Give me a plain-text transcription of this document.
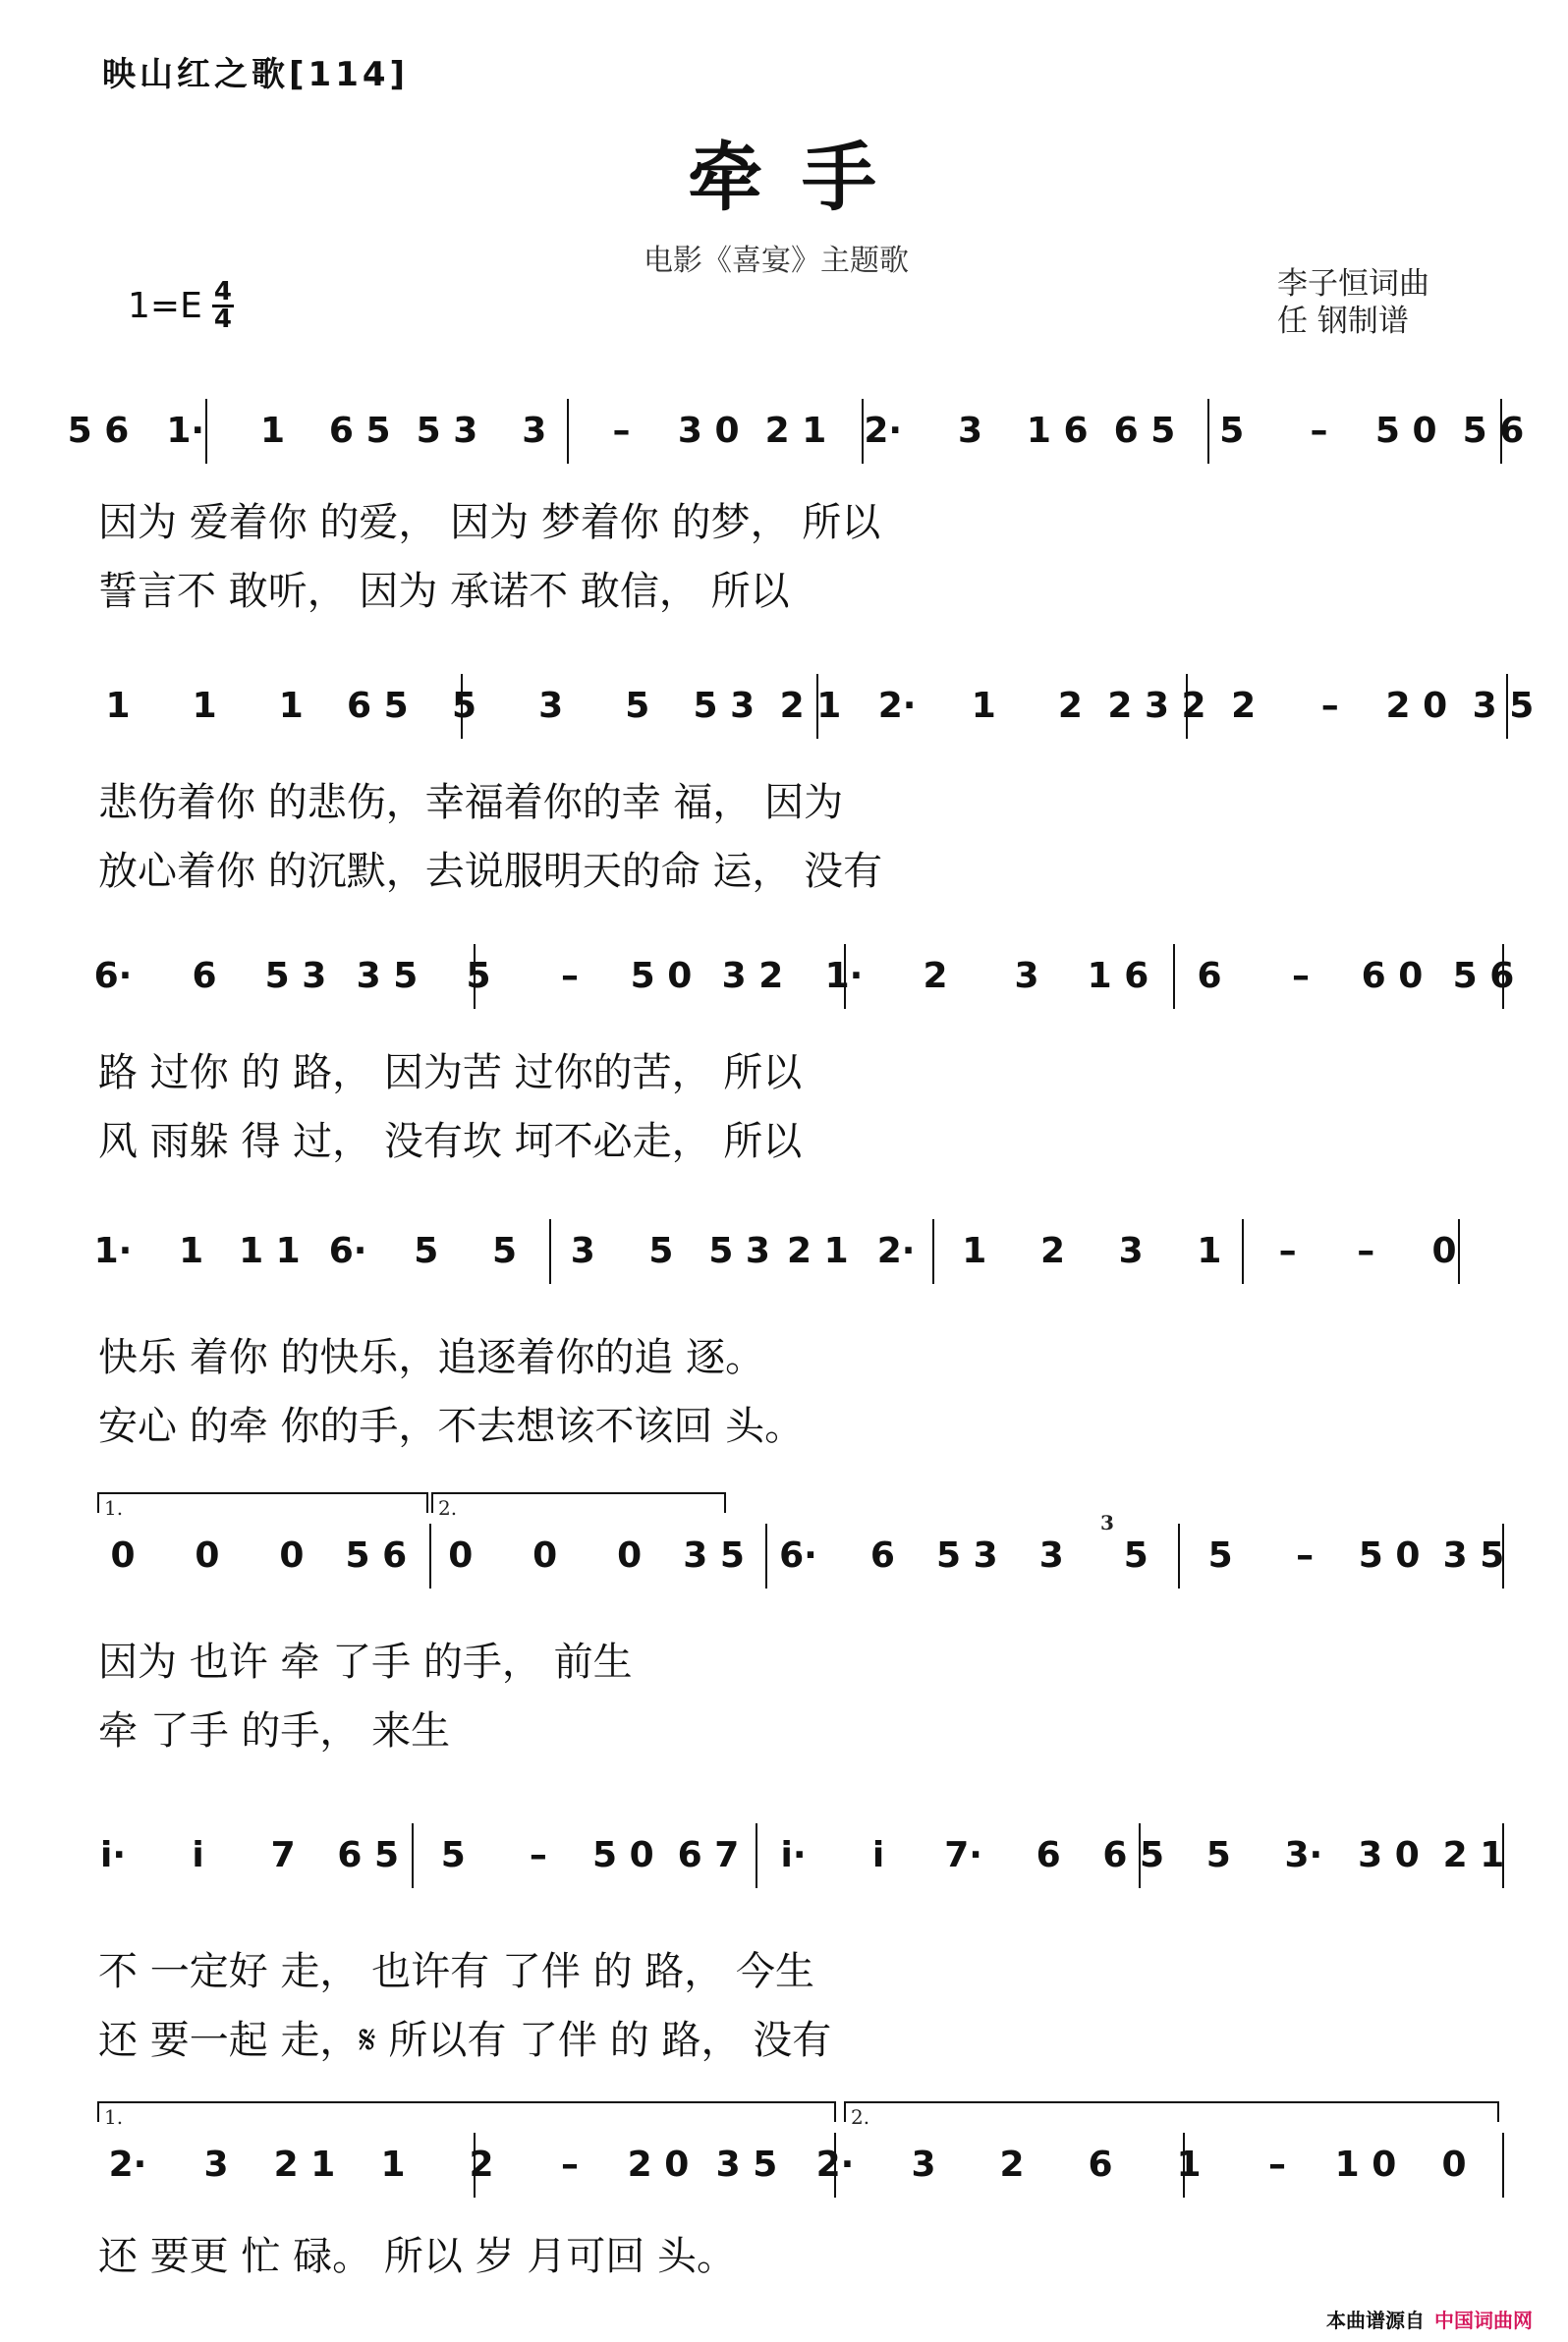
映山红之歌[114]
牵手
电影《喜宴》主题歌
李子恒词曲
任 钢制谱
$1=E \frac{4}{4}$
5 6 1· 1 6 5 5 3 3 – 3 0 2 1 2· 3 1 6 6 5 5 – 5 0 5 6
因为 爱着你 的爱， 因为 梦着你 的梦， 所以
誓言不 敢听， 因为 承诺不 敢信， 所以
1 1 1 6 5 5 3 5 5 3 2 1 2· 1 2 2 3 2 2 – 2 0 3 5
悲伤着你 的悲伤，幸福着你的幸 福， 因为
放心着你 的沉默，去说服明天的命 运， 没有
6· 6 5 3 3 5 5 – 5 0 3 2 1· 2 3 1 6 6 – 6 0 5 6
路 过你 的 路， 因为苦 过你的苦， 所以
风 雨躲 得 过， 没有坎 坷不必走， 所以
1· 1 1 1 6· 5 5 3 5 5 3 2 1 2· 1 2 3 1 – – 0
快乐 着你 的快乐，追逐着你的追 逐。
安心 的牵 你的手，不去想该不该回 头。
0 0 0 5 6 0 0 0 3 5 6· 6 5 3 3 5 5 – 5 0 3 5
因为 也许 牵 了手 的手， 前生
牵 了手 的手， 来生
1.	2.
3
i· i 7 6 5 5 – 5 0 6 7 i· i 7· 6 6 5 5 3· 3 0 2 1
不 一定好 走， 也许有 了伴 的 路， 今生
还 要一起 走，𝄋 所以有 了伴 的 路， 没有
2· 3 2 1 1 2 – 2 0 3 5 2· 3 2 6 1 – 1 0 0
还 要更 忙 碌。 所以 岁 月可回 头。
1.	2.
本曲谱源自 中国词曲网
